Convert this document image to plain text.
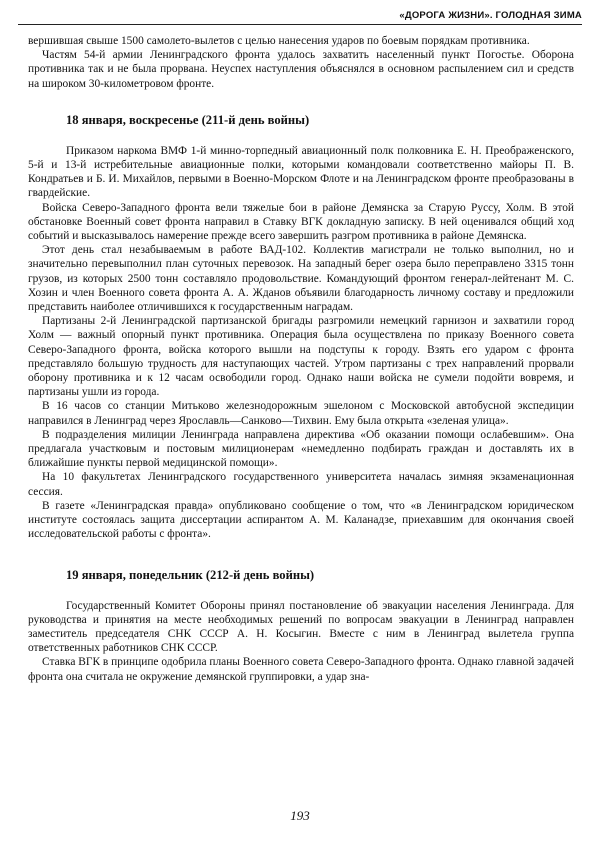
«ДОРОГА ЖИЗНИ». ГОЛОДНАЯ ЗИМА

вершившая свыше 1500 самолето-вылетов с целью нанесения ударов по боевым порядкам противника.

Частям 54-й армии Ленинградского фронта удалось захватить населенный пункт Погостье. Оборона противника так и не была прорвана. Неуспех наступления объяснялся в основном распылением сил и средств на широком 30-километровом фронте.

18 января, воскресенье (211-й день войны)

Приказом наркома ВМФ 1-й минно-торпедный авиационный полк полковника Е. Н. Преображенского, 5-й и 13-й истребительные авиационные полки, которыми командовали соответственно майоры П. В. Кондратьев и Б. И. Михайлов, первыми в Военно-Морском Флоте и на Ленинградском фронте преобразованы в гвардейские.

Войска Северо-Западного фронта вели тяжелые бои в районе Демянска за Старую Руссу, Холм. В этой обстановке Военный совет фронта направил в Ставку ВГК докладную записку. В ней оценивался общий ход событий и высказывалось намерение прежде всего завершить разгром противника в районе Демянска.

Этот день стал незабываемым в работе ВАД-102. Коллектив магистрали не только выполнил, но и значительно перевыполнил план суточных перевозок. На западный берег озера было переправлено 3315 тонн грузов, из которых 2500 тонн составляло продовольствие. Командующий фронтом генерал-лейтенант М. С. Хозин и член Военного совета фронта А. А. Жданов объявили благодарность личному составу и предложили представить наиболее отличившихся к государственным наградам.

Партизаны 2-й Ленинградской партизанской бригады разгромили немецкий гарнизон и захватили город Холм — важный опорный пункт противника. Операция была осуществлена по приказу Военного совета Северо-Западного фронта, войска которого вышли на подступы к городу. Взять его ударом с фронта представляло большую трудность для наступающих частей. Утром партизаны с трех направлений прорвали оборону противника и к 12 часам освободили город. Однако наши войска не сумели подойти вовремя, и партизаны ушли из города.

В 16 часов со станции Митьково железнодорожным эшелоном с Московской автобусной экспедиции направился в Ленинград через Ярославль—Санково—Тихвин. Ему была открыта «зеленая улица».

В подразделения милиции Ленинграда направлена директива «Об оказании помощи ослабевшим». Она предлагала участковым и постовым милиционерам «немедленно подбирать граждан и доставлять их в ближайшие пункты первой медицинской помощи».

На 10 факультетах Ленинградского государственного университета началась зимняя экзаменационная сессия.

В газете «Ленинградская правда» опубликовано сообщение о том, что «в Ленинградском юридическом институте состоялась защита диссертации аспирантом А. М. Каланадзе, приехавшим для окончания своей исследовательской работы с фронта».

19 января, понедельник (212-й день войны)

Государственный Комитет Обороны принял постановление об эвакуации населения Ленинграда. Для руководства и принятия на месте необходимых решений по вопросам эвакуации в Ленинград направлен заместитель председателя СНК СССР А. Н. Косыгин. Вместе с ним в Ленинград вылетела группа ответственных работников СНК СССР.

Ставка ВГК в принципе одобрила планы Военного совета Северо-Западного фронта. Однако главной задачей фронта она считала не окружение демянской группировки, а удар зна-

193
